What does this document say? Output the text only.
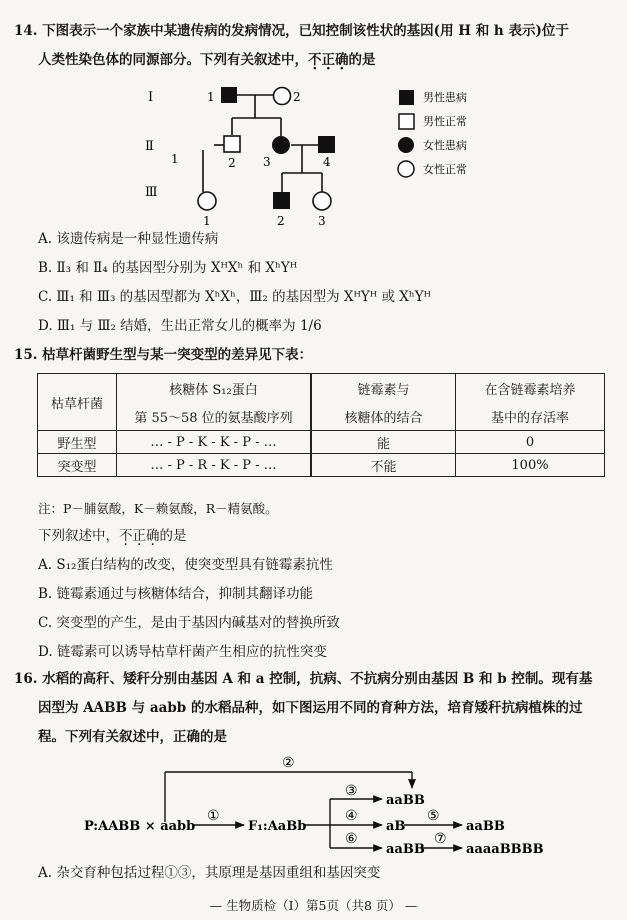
14. 下图表示一个家族中某遗传病的发病情况，已知控制该性状的基因(用 H 和 h 表示)位于
人类性染色体的同源部分。下列有关叙述中，不正确的是
Ⅰ
Ⅱ
Ⅲ
1	2
1	2 3	4
1	2	3
男性患病
男性正常
女性患病
女性正常
A. 该遗传病是一种显性遗传病
B. Ⅱ₃ 和 Ⅱ₄ 的基因型分别为 XᴴXʰ 和 XʰYᴴ
C. Ⅲ₁ 和 Ⅲ₃ 的基因型都为 XʰXʰ，Ⅲ₂ 的基因型为 XᴴYᴴ 或 XʰYᴴ
D. Ⅲ₁ 与 Ⅲ₂ 结婚，生出正常女儿的概率为 1/6
15. 枯草杆菌野生型与某一突变型的差异见下表：
枯草杆菌	核糖体 S₁₂蛋白	链霉素与	在含链霉素培养
	第 55～58 位的氨基酸序列	核糖体的结合	基中的存活率
野生型	… - P - K - K - P - …	能	0
突变型	… - P - R - K - P - …	不能	100%
注：P－脯氨酸，K－赖氨酸，R－精氨酸。
下列叙述中，不正确的是
A. S₁₂蛋白结构的改变，使突变型具有链霉素抗性
B. 链霉素通过与核糖体结合，抑制其翻译功能
C. 突变型的产生，是由于基因内碱基对的替换所致
D. 链霉素可以诱导枯草杆菌产生相应的抗性突变
16. 水稻的高秆、矮秆分别由基因 A 和 a 控制，抗病、不抗病分别由基因 B 和 b 控制。现有基
因型为 AABB 与 aabb 的水稻品种，如下图运用不同的育种方法，培育矮秆抗病植株的过
程。下列有关叙述中，正确的是
P:AABB × aabb	F₁:AaBb
aaBB
aB	aaBB
aaBB	aaaaBBBB
①
②
③
④	⑤
⑥	⑦
A. 杂交育种包括过程①③，其原理是基因重组和基因突变
— 生物质检（Ⅰ）第5页（共8 页） —
